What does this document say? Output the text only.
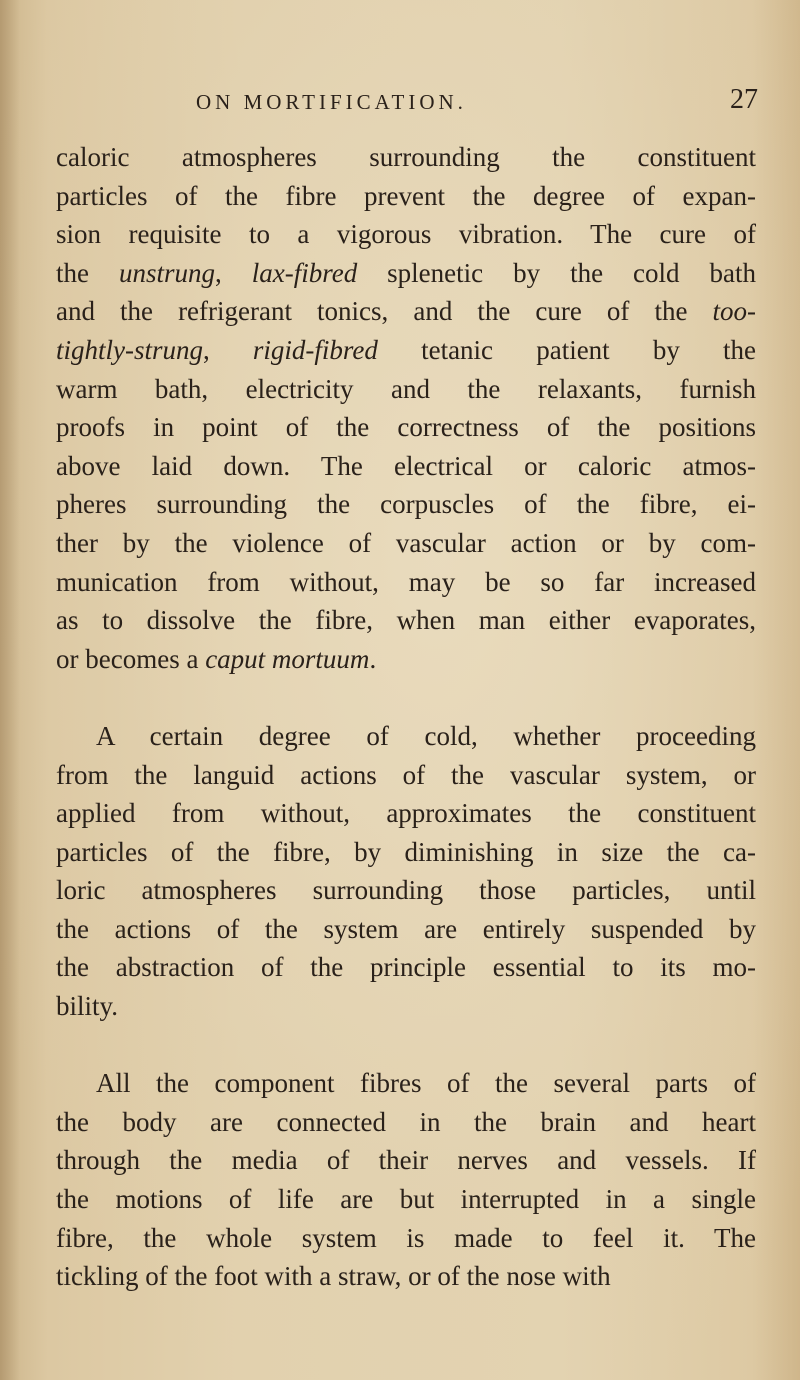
ON MORTIFICATION.	27
caloric atmospheres surrounding the constituent
particles of the fibre prevent the degree of expan-
sion requisite to a vigorous vibration. The cure of
the unstrung, lax-fibred splenetic by the cold bath
and the refrigerant tonics, and the cure of the too-
tightly-strung, rigid-fibred tetanic patient by the
warm bath, electricity and the relaxants, furnish
proofs in point of the correctness of the positions
above laid down. The electrical or caloric atmos-
pheres surrounding the corpuscles of the fibre, ei-
ther by the violence of vascular action or by com-
munication from without, may be so far increased
as to dissolve the fibre, when man either evaporates,
or becomes a caput mortuum.
A certain degree of cold, whether proceeding
from the languid actions of the vascular system, or
applied from without, approximates the constituent
particles of the fibre, by diminishing in size the ca-
loric atmospheres surrounding those particles, until
the actions of the system are entirely suspended by
the abstraction of the principle essential to its mo-
bility.
All the component fibres of the several parts of
the body are connected in the brain and heart
through the media of their nerves and vessels. If
the motions of life are but interrupted in a single
fibre, the whole system is made to feel it. The
tickling of the foot with a straw, or of the nose with
